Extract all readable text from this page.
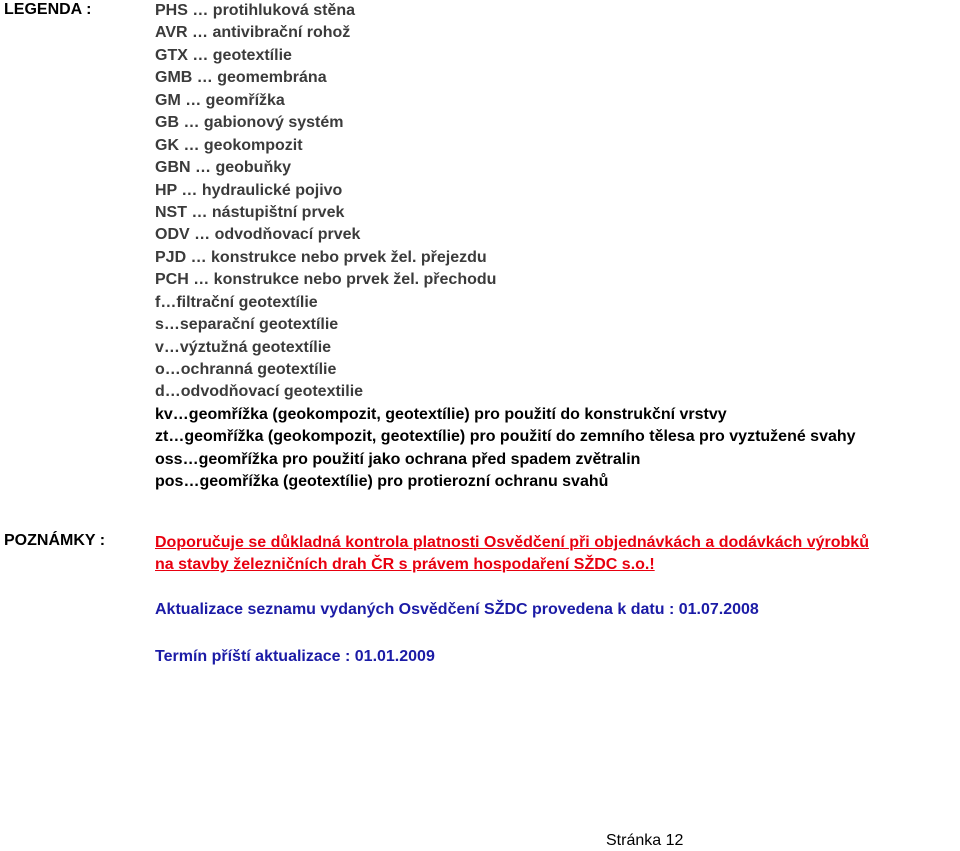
LEGENDA :	PHS … protihluková stěna
AVR … antivibrační rohož
GTX … geotextílie
GMB … geomembrána
GM … geomřížka
GB … gabionový systém
GK … geokompozit
GBN … geobuňky
HP … hydraulické pojivo
NST … nástupištní prvek
ODV … odvodňovací prvek
PJD … konstrukce nebo prvek žel. přejezdu
PCH … konstrukce nebo prvek žel. přechodu
f…filtrační geotextílie
s…separační geotextílie
v…výztužná geotextílie
o…ochranná geotextílie
d…odvodňovací geotextilie
kv…geomřížka (geokompozit, geotextílie) pro použití do konstrukční vrstvy
zt…geomřížka (geokompozit, geotextílie) pro použití do zemního tělesa pro vyztužené svahy
oss…geomřížka pro použití jako ochrana před spadem zvětralin
pos…geomřížka (geotextílie) pro protierozní ochranu svahů
POZNÁMKY :	Doporučuje se důkladná kontrola platnosti Osvědčení při objednávkách a dodávkách výrobků
na stavby železničních drah ČR s právem hospodaření SŽDC s.o.!
Aktualizace seznamu vydaných Osvědčení SŽDC provedena k datu : 01.07.2008
Termín příští aktualizace : 01.01.2009
Stránka 12
